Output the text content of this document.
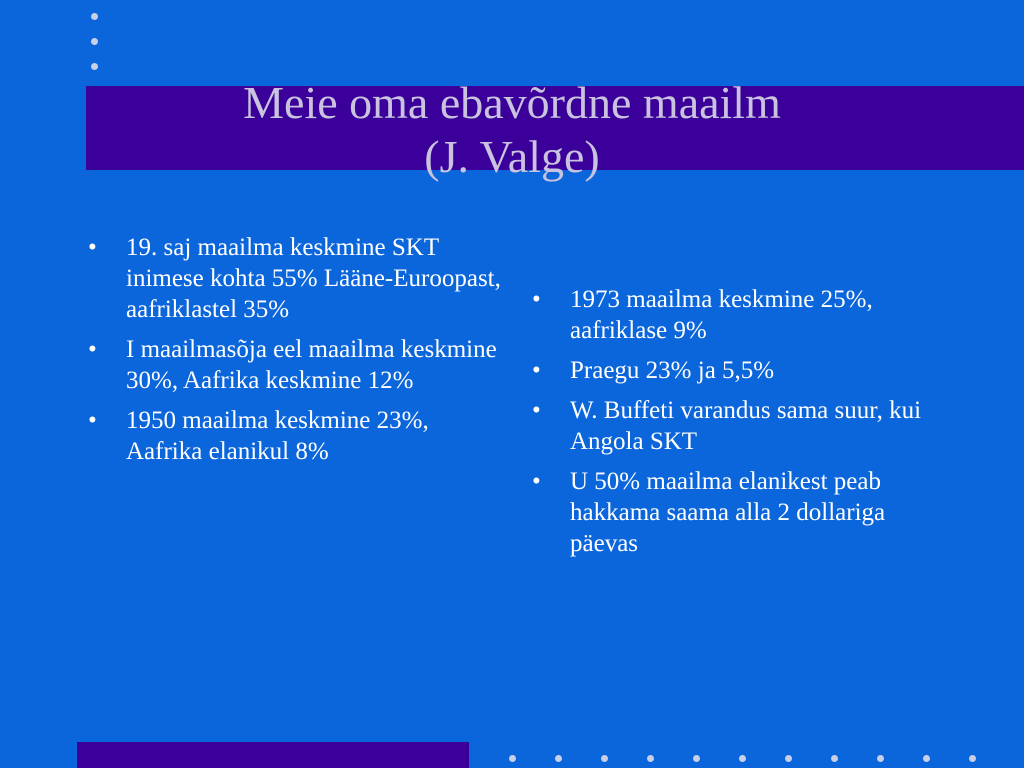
Meie oma ebavõrdne maailm
(J. Valge)
• 19. saj maailma keskmine SKT inimese kohta 55% Lääne-Euroopast, aafriklastel 35%
• I maailmasõja eel maailma keskmine 30%, Aafrika keskmine 12%
• 1950 maailma keskmine 23%, Aafrika elanikul 8%
• 1973 maailma keskmine 25%, aafriklase 9%
• Praegu 23% ja 5,5%
• W. Buffeti varandus sama suur, kui Angola SKT
• U 50% maailma elanikest peab hakkama saama alla 2 dollariga päevas
